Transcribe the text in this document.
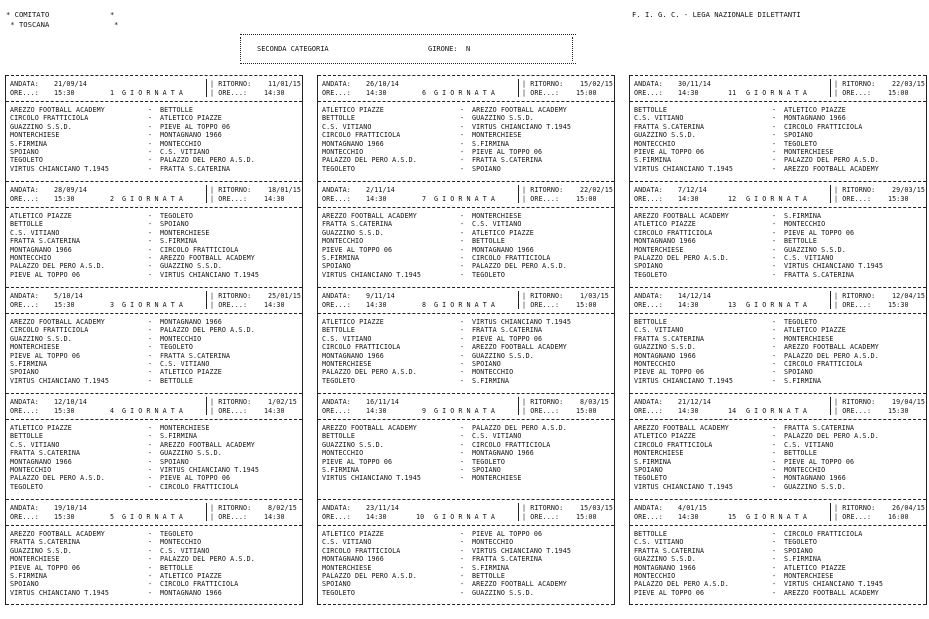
* COMITATO	*

* TOSCANA	*
F. I. G. C. - LEGA NAZIONALE DILETTANTI
SECONDA CATEGORIA	GIRONE: N
ANDATA: 21/09/14	| RITORNO: 11/01/15
ORE...: 15:30	1 GIORNATA	| ORE...:	14:30
AREZZO FOOTBALL ACADEMY	- BETTOLLE
CIRCOLO FRATTICIOLA	- ATLETICO PIAZZE
GUAZZINO S.S.D.	- PIEVE AL TOPPO 06
MONTERCHIESE	- MONTAGNANO 1966
S.FIRMINA	- MONTECCHIO
SPOIANO	- C.S. VITIANO
TEGOLETO	- PALAZZO DEL PERO A.S.D.
VIRTUS CHIANCIANO T.1945	- FRATTA S.CATERINA
ANDATA: 28/09/14	| RITORNO: 18/01/15
ORE...: 15:30	2 GIORNATA	| ORE...:	14:30
ATLETICO PIAZZE	- TEGOLETO
BETTOLLE	- SPOIANO
C.S. VITIANO	- MONTERCHIESE
FRATTA S.CATERINA	- S.FIRMINA
MONTAGNANO 1966	- CIRCOLO FRATTICIOLA
MONTECCHIO	- AREZZO FOOTBALL ACADEMY
PALAZZO DEL PERO A.S.D.	- GUAZZINO S.S.D.
PIEVE AL TOPPO 06	- VIRTUS CHIANCIANO T.1945
ANDATA: 5/10/14	| RITORNO: 25/01/15
ORE...: 15:30	3 GIORNATA	| ORE...:	14:30
AREZZO FOOTBALL ACADEMY	- MONTAGNANO 1966
CIRCOLO FRATTICIOLA	- PALAZZO DEL PERO A.S.D.
GUAZZINO S.S.D.	- MONTECCHIO
MONTERCHIESE	- TEGOLETO
PIEVE AL TOPPO 06	- FRATTA S.CATERINA
S.FIRMINA	- C.S. VITIANO
SPOIANO	- ATLETICO PIAZZE
VIRTUS CHIANCIANO T.1945	- BETTOLLE
ANDATA: 12/10/14	| RITORNO: 1/02/15
ORE...: 15:30	4 GIORNATA	| ORE...:	14:30
ATLETICO PIAZZE	- MONTERCHIESE
BETTOLLE	- S.FIRMINA
C.S. VITIANO	- AREZZO FOOTBALL ACADEMY
FRATTA S.CATERINA	- GUAZZINO S.S.D.
MONTAGNANO 1966	- SPOIANO
MONTECCHIO	- VIRTUS CHIANCIANO T.1945
PALAZZO DEL PERO A.S.D.	- PIEVE AL TOPPO 06
TEGOLETO	- CIRCOLO FRATTICIOLA
ANDATA: 19/10/14	| RITORNO: 8/02/15
ORE...: 15:30	5 GIORNATA	| ORE...:	14:30
AREZZO FOOTBALL ACADEMY	- TEGOLETO
FRATTA S.CATERINA	- MONTECCHIO
GUAZZINO S.S.D.	- C.S. VITIANO
MONTERCHIESE	- PALAZZO DEL PERO A.S.D.
PIEVE AL TOPPO 06	- BETTOLLE
S.FIRMINA	- ATLETICO PIAZZE
SPOIANO	- CIRCOLO FRATTICIOLA
VIRTUS CHIANCIANO T.1945	- MONTAGNANO 1966
ANDATA: 26/10/14	| RITORNO: 15/02/15
ORE...: 14:30	6 GIORNATA	| ORE...:	15:00
ATLETICO PIAZZE	- AREZZO FOOTBALL ACADEMY
BETTOLLE	- GUAZZINO S.S.D.
C.S. VITIANO	- VIRTUS CHIANCIANO T.1945
CIRCOLO FRATTICIOLA	- MONTERCHIESE
MONTAGNANO 1966	- S.FIRMINA
MONTECCHIO	- PIEVE AL TOPPO 06
PALAZZO DEL PERO A.S.D.	- FRATTA S.CATERINA
TEGOLETO	- SPOIANO
ANDATA: 2/11/14	| RITORNO: 22/02/15
ORE...: 14:30	7 GIORNATA	| ORE...:	15:00
AREZZO FOOTBALL ACADEMY	- MONTERCHIESE
FRATTA S.CATERINA	- C.S. VITIANO
GUAZZINO S.S.D.	- ATLETICO PIAZZE
MONTECCHIO	- BETTOLLE
PIEVE AL TOPPO 06	- MONTAGNANO 1966
S.FIRMINA	- CIRCOLO FRATTICIOLA
SPOIANO	- PALAZZO DEL PERO A.S.D.
VIRTUS CHIANCIANO T.1945	- TEGOLETO
ANDATA: 9/11/14	| RITORNO: 1/03/15
ORE...: 14:30	8 GIORNATA	| ORE...:	15:00
ATLETICO PIAZZE	- VIRTUS CHIANCIANO T.1945
BETTOLLE	- FRATTA S.CATERINA
C.S. VITIANO	- PIEVE AL TOPPO 06
CIRCOLO FRATTICIOLA	- AREZZO FOOTBALL ACADEMY
MONTAGNANO 1966	- GUAZZINO S.S.D.
MONTERCHIESE	- SPOIANO
PALAZZO DEL PERO A.S.D.	- MONTECCHIO
TEGOLETO	- S.FIRMINA
ANDATA: 16/11/14	| RITORNO: 8/03/15
ORE...: 14:30	9 GIORNATA	| ORE...:	15:00
AREZZO FOOTBALL ACADEMY	- PALAZZO DEL PERO A.S.D.
BETTOLLE	- C.S. VITIANO
GUAZZINO S.S.D.	- CIRCOLO FRATTICIOLA
MONTECCHIO	- MONTAGNANO 1966
PIEVE AL TOPPO 06	- TEGOLETO
S.FIRMINA	- SPOIANO
VIRTUS CHIANCIANO T.1945	- MONTERCHIESE
ANDATA: 23/11/14	| RITORNO: 15/03/15
ORE...: 14:30	10 GIORNATA	| ORE...:	15:00
ATLETICO PIAZZE	- PIEVE AL TOPPO 06
C.S. VITIANO	- MONTECCHIO
CIRCOLO FRATTICIOLA	- VIRTUS CHIANCIANO T.1945
MONTAGNANO 1966	- FRATTA S.CATERINA
MONTERCHIESE	- S.FIRMINA
PALAZZO DEL PERO A.S.D.	- BETTOLLE
SPOIANO	- AREZZO FOOTBALL ACADEMY
TEGOLETO	- GUAZZINO S.S.D.
ANDATA: 30/11/14	| RITORNO: 22/03/15
ORE...: 14:30	11 GIORNATA	| ORE...:	15:00
BETTOLLE	- ATLETICO PIAZZE
C.S. VITIANO	- MONTAGNANO 1966
FRATTA S.CATERINA	- CIRCOLO FRATTICIOLA
GUAZZINO S.S.D.	- SPOIANO
MONTECCHIO	- TEGOLETO
PIEVE AL TOPPO 06	- MONTERCHIESE
S.FIRMINA	- PALAZZO DEL PERO A.S.D.
VIRTUS CHIANCIANO T.1945	- AREZZO FOOTBALL ACADEMY
ANDATA: 7/12/14	| RITORNO: 29/03/15
ORE...: 14:30	12 GIORNATA	| ORE...:	15:30
AREZZO FOOTBALL ACADEMY	- S.FIRMINA
ATLETICO PIAZZE	- MONTECCHIO
CIRCOLO FRATTICIOLA	- PIEVE AL TOPPO 06
MONTAGNANO 1966	- BETTOLLE
MONTERCHIESE	- GUAZZINO S.S.D.
PALAZZO DEL PERO A.S.D.	- C.S. VITIANO
SPOIANO	- VIRTUS CHIANCIANO T.1945
TEGOLETO	- FRATTA S.CATERINA
ANDATA: 14/12/14	| RITORNO: 12/04/15
ORE...: 14:30	13 GIORNATA	| ORE...:	15:30
BETTOLLE	- TEGOLETO
C.S. VITIANO	- ATLETICO PIAZZE
FRATTA S.CATERINA	- MONTERCHIESE
GUAZZINO S.S.D.	- AREZZO FOOTBALL ACADEMY
MONTAGNANO 1966	- PALAZZO DEL PERO A.S.D.
MONTECCHIO	- CIRCOLO FRATTICIOLA
PIEVE AL TOPPO 06	- SPOIANO
VIRTUS CHIANCIANO T.1945	- S.FIRMINA
ANDATA: 21/12/14	| RITORNO: 19/04/15
ORE...: 14:30	14 GIORNATA	| ORE...:	15:30
AREZZO FOOTBALL ACADEMY	- FRATTA S.CATERINA
ATLETICO PIAZZE	- PALAZZO DEL PERO A.S.D.
CIRCOLO FRATTICIOLA	- C.S. VITIANO
MONTERCHIESE	- BETTOLLE
S.FIRMINA	- PIEVE AL TOPPO 06
SPOIANO	- MONTECCHIO
TEGOLETO	- MONTAGNANO 1966
VIRTUS CHIANCIANO T.1945	- GUAZZINO S.S.D.
ANDATA: 4/01/15	| RITORNO: 26/04/15
ORE...: 14:30	15 GIORNATA	| ORE...:	16:00
BETTOLLE	- CIRCOLO FRATTICIOLA
C.S. VITIANO	- TEGOLETO
FRATTA S.CATERINA	- SPOIANO
GUAZZINO S.S.D.	- S.FIRMINA
MONTAGNANO 1966	- ATLETICO PIAZZE
MONTECCHIO	- MONTERCHIESE
PALAZZO DEL PERO A.S.D.	- VIRTUS CHIANCIANO T.1945
PIEVE AL TOPPO 06	- AREZZO FOOTBALL ACADEMY
